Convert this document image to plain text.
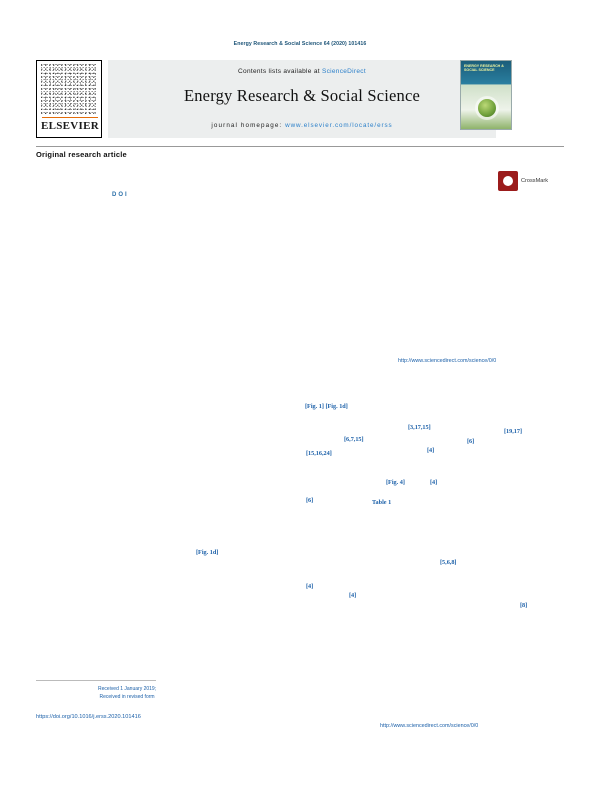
Energy Research & Social Science 64 (2020) 101416
ELSEVIER
Contents lists available at ScienceDirect
Energy Research & Social Science
journal homepage: www.elsevier.com/locate/erss
ENERGY RESEARCH & SOCIAL SCIENCE
Original research article
CrossMark
DOI
http://www.sciencedirect.com/science/0/0
[Fig. 1] [Fig. 1d]
[3,17,15]
[6,7,15]
[4]
[6]
[19,17]
[15,16,24]
[Fig. 4]	[4]
[6]	Table 1
[Fig. 1d]
[5,6,8]
[4]
[4]
[8]
Received 1 January 2019;
Received in revised form
https://doi.org/10.1016/j.erss.2020.101416
http://www.sciencedirect.com/science/0/0
